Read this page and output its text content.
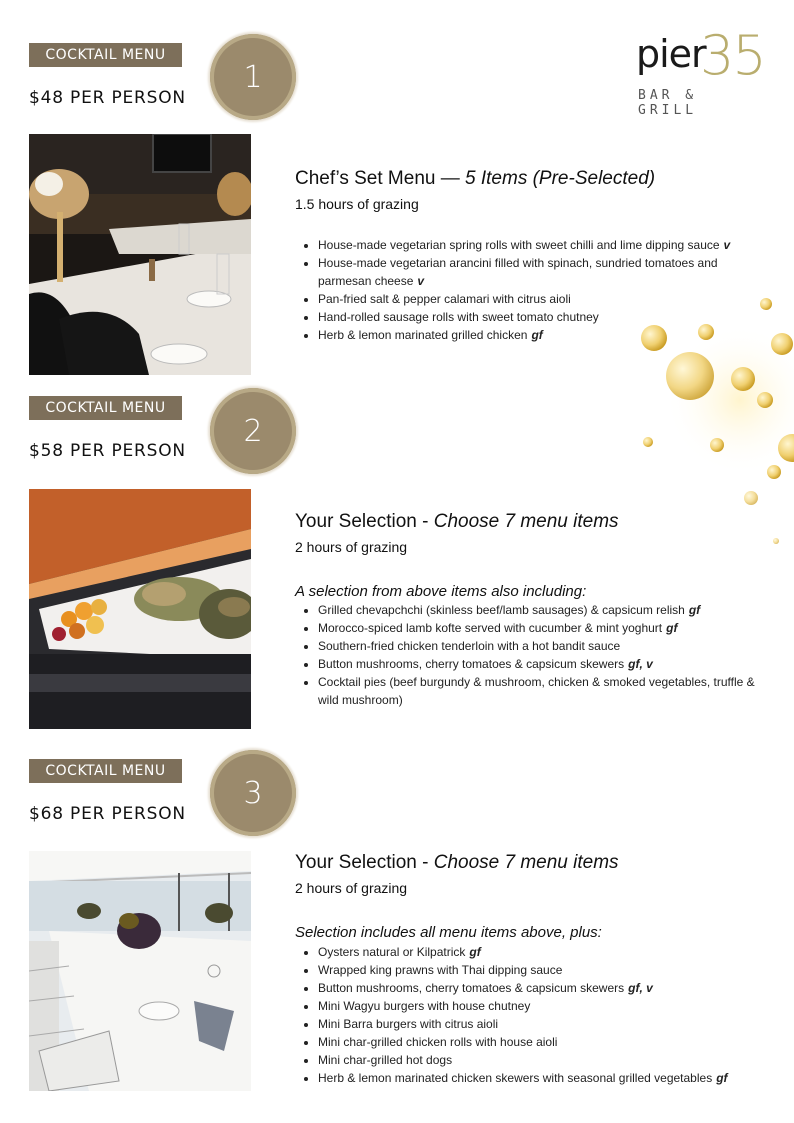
pier
35
BAR & GRILL
COCKTAIL MENU
$48 PER PERSON
1
Chef’s Set Menu — 5 Items (Pre-Selected)
1.5 hours of grazing
• House-made vegetarian spring rolls with sweet chilli and lime dipping sauce v
• House-made vegetarian arancini filled with spinach, sundried tomatoes and parmesan cheese v
• Pan-fried salt & pepper calamari with citrus aioli
• Hand-rolled sausage rolls with sweet tomato chutney
• Herb & lemon marinated grilled chicken gf
COCKTAIL MENU
$58 PER PERSON
2
Your Selection - Choose 7 menu items
2 hours of grazing
A selection from above items also including:
• Grilled chevapchchi (skinless beef/lamb sausages) & capsicum relish gf
• Morocco-spiced lamb kofte served with cucumber & mint yoghurt gf
• Southern-fried chicken tenderloin with a hot bandit sauce
• Button mushrooms, cherry tomatoes & capsicum skewers gf, v
• Cocktail pies (beef burgundy & mushroom, chicken & smoked vegetables, truffle & wild mushroom)
COCKTAIL MENU
$68 PER PERSON
3
Your Selection - Choose 7 menu items
2 hours of grazing
Selection includes all menu items above, plus:
• Oysters natural or Kilpatrick gf
• Wrapped king prawns with Thai dipping sauce
• Button mushrooms, cherry tomatoes & capsicum skewers gf, v
• Mini Wagyu burgers with house chutney
• Mini Barra burgers with citrus aioli
• Mini char-grilled chicken rolls with house aioli
• Mini char-grilled hot dogs
• Herb & lemon marinated chicken skewers with seasonal grilled vegetables gf
